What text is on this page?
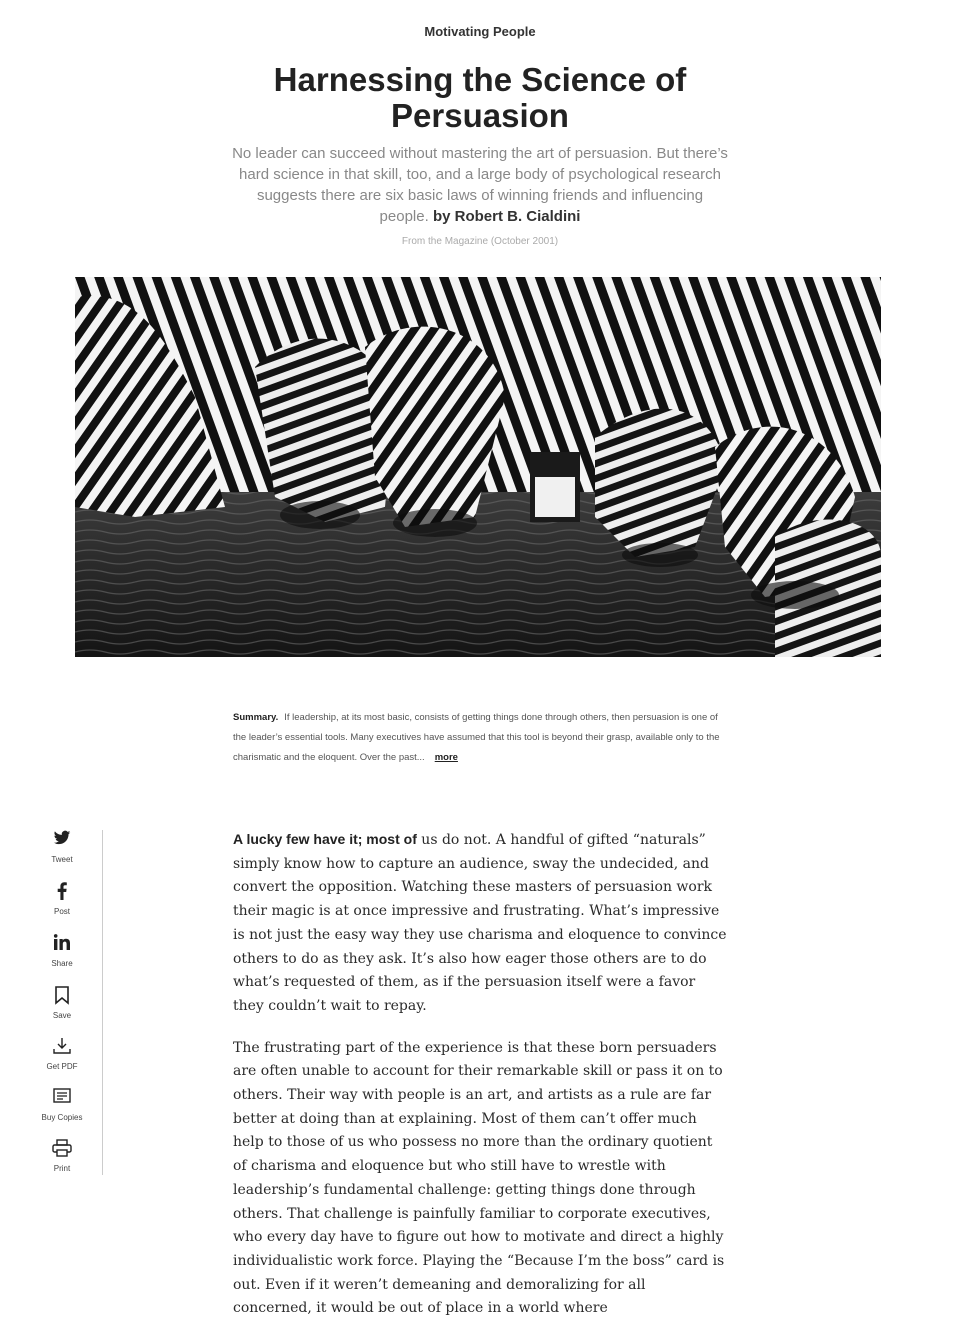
Motivating People
Harnessing the Science of Persuasion

No leader can succeed without mastering the art of persuasion. But there’s hard science in that skill, too, and a large body of psychological research suggests there are six basic laws of winning friends and influencing people. by Robert B. Cialdini

From the Magazine (October 2001)

Summary. If leadership, at its most basic, consists of getting things done through others, then persuasion is one of the leader’s essential tools. Many executives have assumed that this tool is beyond their grasp, available only to the charismatic and the eloquent. Over the past... more

Tweet
Post
Share
Save
Get PDF
Buy Copies
Print

A lucky few have it; most of us do not. A handful of gifted “naturals” simply know how to capture an audience, sway the undecided, and convert the opposition. Watching these masters of persuasion work their magic is at once impressive and frustrating. What’s impressive is not just the easy way they use charisma and eloquence to convince others to do as they ask. It’s also how eager those others are to do what’s requested of them, as if the persuasion itself were a favor they couldn’t wait to repay.

The frustrating part of the experience is that these born persuaders are often unable to account for their remarkable skill or pass it on to others. Their way with people is an art, and artists as a rule are far better at doing than at explaining. Most of them can’t offer much help to those of us who possess no more than the ordinary quotient of charisma and eloquence but who still have to wrestle with leadership’s fundamental challenge: getting things done through others. That challenge is painfully familiar to corporate executives, who every day have to figure out how to motivate and direct a highly individualistic work force. Playing the “Because I’m the boss” card is out. Even if it weren’t demeaning and demoralizing for all concerned, it would be out of place in a world where
